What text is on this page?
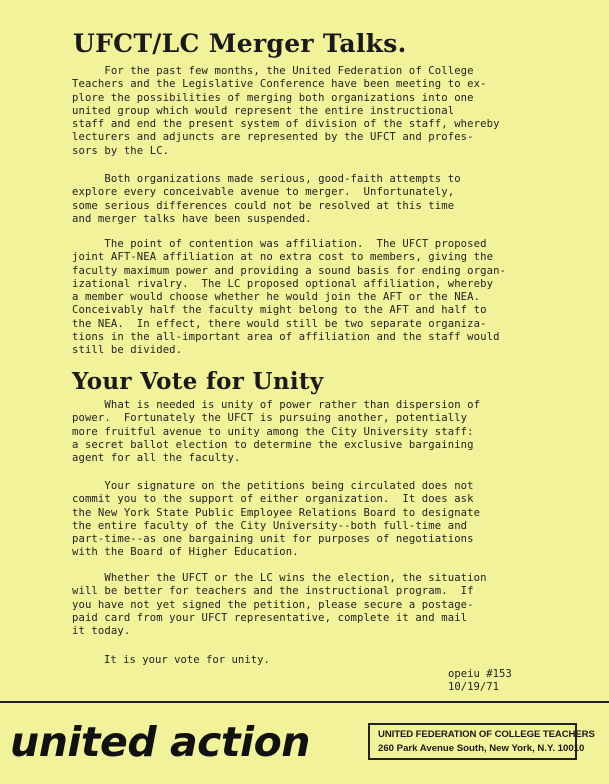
UFCT/LC Merger Talks.
For the past few months, the United Federation of College
Teachers and the Legislative Conference have been meeting to ex-
plore the possibilities of merging both organizations into one
united group which would represent the entire instructional
staff and end the present system of division of the staff, whereby
lecturers and adjuncts are represented by the UFCT and profes-
sors by the LC.
Both organizations made serious, good-faith attempts to
explore every conceivable avenue to merger.  Unfortunately,
some serious differences could not be resolved at this time
and merger talks have been suspended.
The point of contention was affiliation.  The UFCT proposed
joint AFT-NEA affiliation at no extra cost to members, giving the
faculty maximum power and providing a sound basis for ending organ-
izational rivalry.  The LC proposed optional affiliation, whereby
a member would choose whether he would join the AFT or the NEA.
Conceivably half the faculty might belong to the AFT and half to
the NEA.  In effect, there would still be two separate organiza-
tions in the all-important area of affiliation and the staff would
still be divided.
Your Vote for Unity
What is needed is unity of power rather than dispersion of
power.  Fortunately the UFCT is pursuing another, potentially
more fruitful avenue to unity among the City University staff:
a secret ballot election to determine the exclusive bargaining
agent for all the faculty.
Your signature on the petitions being circulated does not
commit you to the support of either organization.  It does ask
the New York State Public Employee Relations Board to designate
the entire faculty of the City University--both full-time and
part-time--as one bargaining unit for purposes of negotiations
with the Board of Higher Education.
Whether the UFCT or the LC wins the election, the situation
will be better for teachers and the instructional program.  If
you have not yet signed the petition, please secure a postage-
paid card from your UFCT representative, complete it and mail
it today.
It is your vote for unity.
opeiu #153
10/19/71
united action	UNITED FEDERATION OF COLLEGE TEACHERS
260 Park Avenue South, New York, N.Y. 10010
